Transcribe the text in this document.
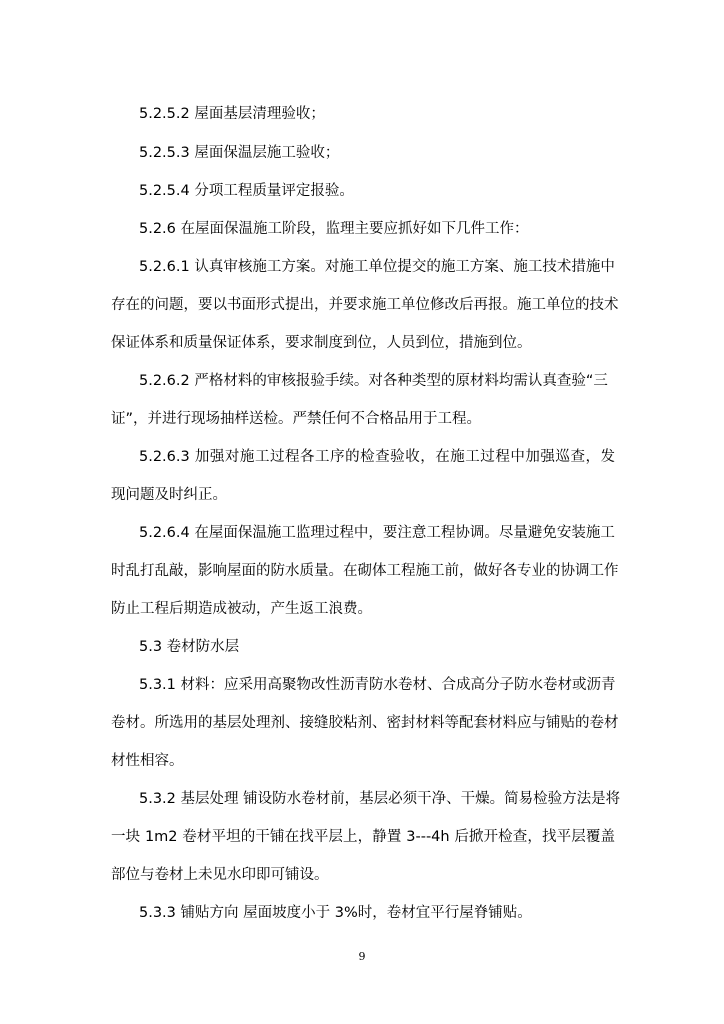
5.2.5.2 屋面基层清理验收；
5.2.5.3 屋面保温层施工验收；
5.2.5.4 分项工程质量评定报验。
5.2.6 在屋面保温施工阶段，监理主要应抓好如下几件工作：
5.2.6.1 认真审核施工方案。对施工单位提交的施工方案、施工技术措施中
存在的问题，要以书面形式提出，并要求施工单位修改后再报。施工单位的技术
保证体系和质量保证体系，要求制度到位，人员到位，措施到位。
5.2.6.2 严格材料的审核报验手续。对各种类型的原材料均需认真查验“三
证”，并进行现场抽样送检。严禁任何不合格品用于工程。
5.2.6.3 加强对施工过程各工序的检查验收，在施工过程中加强巡查，发
现问题及时纠正。
5.2.6.4 在屋面保温施工监理过程中，要注意工程协调。尽量避免安装施工
时乱打乱敲，影响屋面的防水质量。在砌体工程施工前，做好各专业的协调工作
防止工程后期造成被动，产生返工浪费。
5.3 卷材防水层
5.3.1 材料：应采用高聚物改性沥青防水卷材、合成高分子防水卷材或沥青
卷材。所选用的基层处理剂、接缝胶粘剂、密封材料等配套材料应与铺贴的卷材
材性相容。
5.3.2 基层处理 铺设防水卷材前，基层必须干净、干燥。简易检验方法是将
一块 1m2 卷材平坦的干铺在找平层上，静置 3---4h 后掀开检查，找平层覆盖
部位与卷材上未见水印即可铺设。
5.3.3 铺贴方向 屋面坡度小于 3%时，卷材宜平行屋脊铺贴。
9
